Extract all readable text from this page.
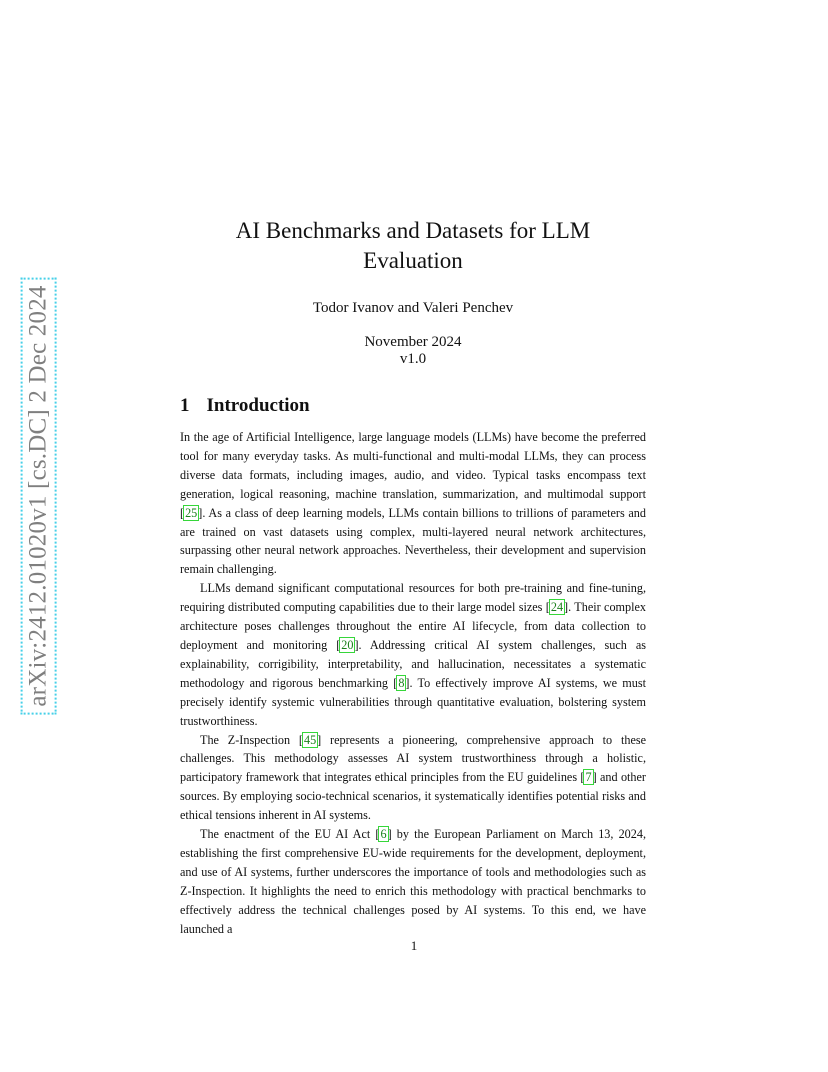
arXiv:2412.01020v1 [cs.DC] 2 Dec 2024
AI Benchmarks and Datasets for LLM
Evaluation
Todor Ivanov and Valeri Penchev
November 2024
v1.0
1 Introduction

In the age of Artificial Intelligence, large language models (LLMs) have become the preferred tool for many everyday tasks. As multi-functional and multi-modal LLMs, they can process diverse data formats, including images, audio, and video. Typical tasks encompass text generation, logical reasoning, machine translation, summarization, and multimodal support [25]. As a class of deep learning models, LLMs contain billions to trillions of parameters and are trained on vast datasets using complex, multi-layered neural network architectures, surpassing other neural network approaches. Nevertheless, their development and supervision remain challenging.

LLMs demand significant computational resources for both pre-training and fine-tuning, requiring distributed computing capabilities due to their large model sizes [24]. Their complex architecture poses challenges throughout the entire AI lifecycle, from data collection to deployment and monitoring [20]. Addressing critical AI system challenges, such as explainability, corrigibility, interpretability, and hallucination, necessitates a systematic methodology and rigorous benchmarking [8]. To effectively improve AI systems, we must precisely identify systemic vulnerabilities through quantitative evaluation, bolstering system trustworthiness.

The Z-Inspection [45] represents a pioneering, comprehensive approach to these challenges. This methodology assesses AI system trustworthiness through a holistic, participatory framework that integrates ethical principles from the EU guidelines [7] and other sources. By employing socio-technical scenarios, it systematically identifies potential risks and ethical tensions inherent in AI systems.

The enactment of the EU AI Act [6] by the European Parliament on March 13, 2024, establishing the first comprehensive EU-wide requirements for the development, deployment, and use of AI systems, further underscores the importance of tools and methodologies such as Z-Inspection. It highlights the need to enrich this methodology with practical benchmarks to effectively address the technical challenges posed by AI systems. To this end, we have launched a

1
